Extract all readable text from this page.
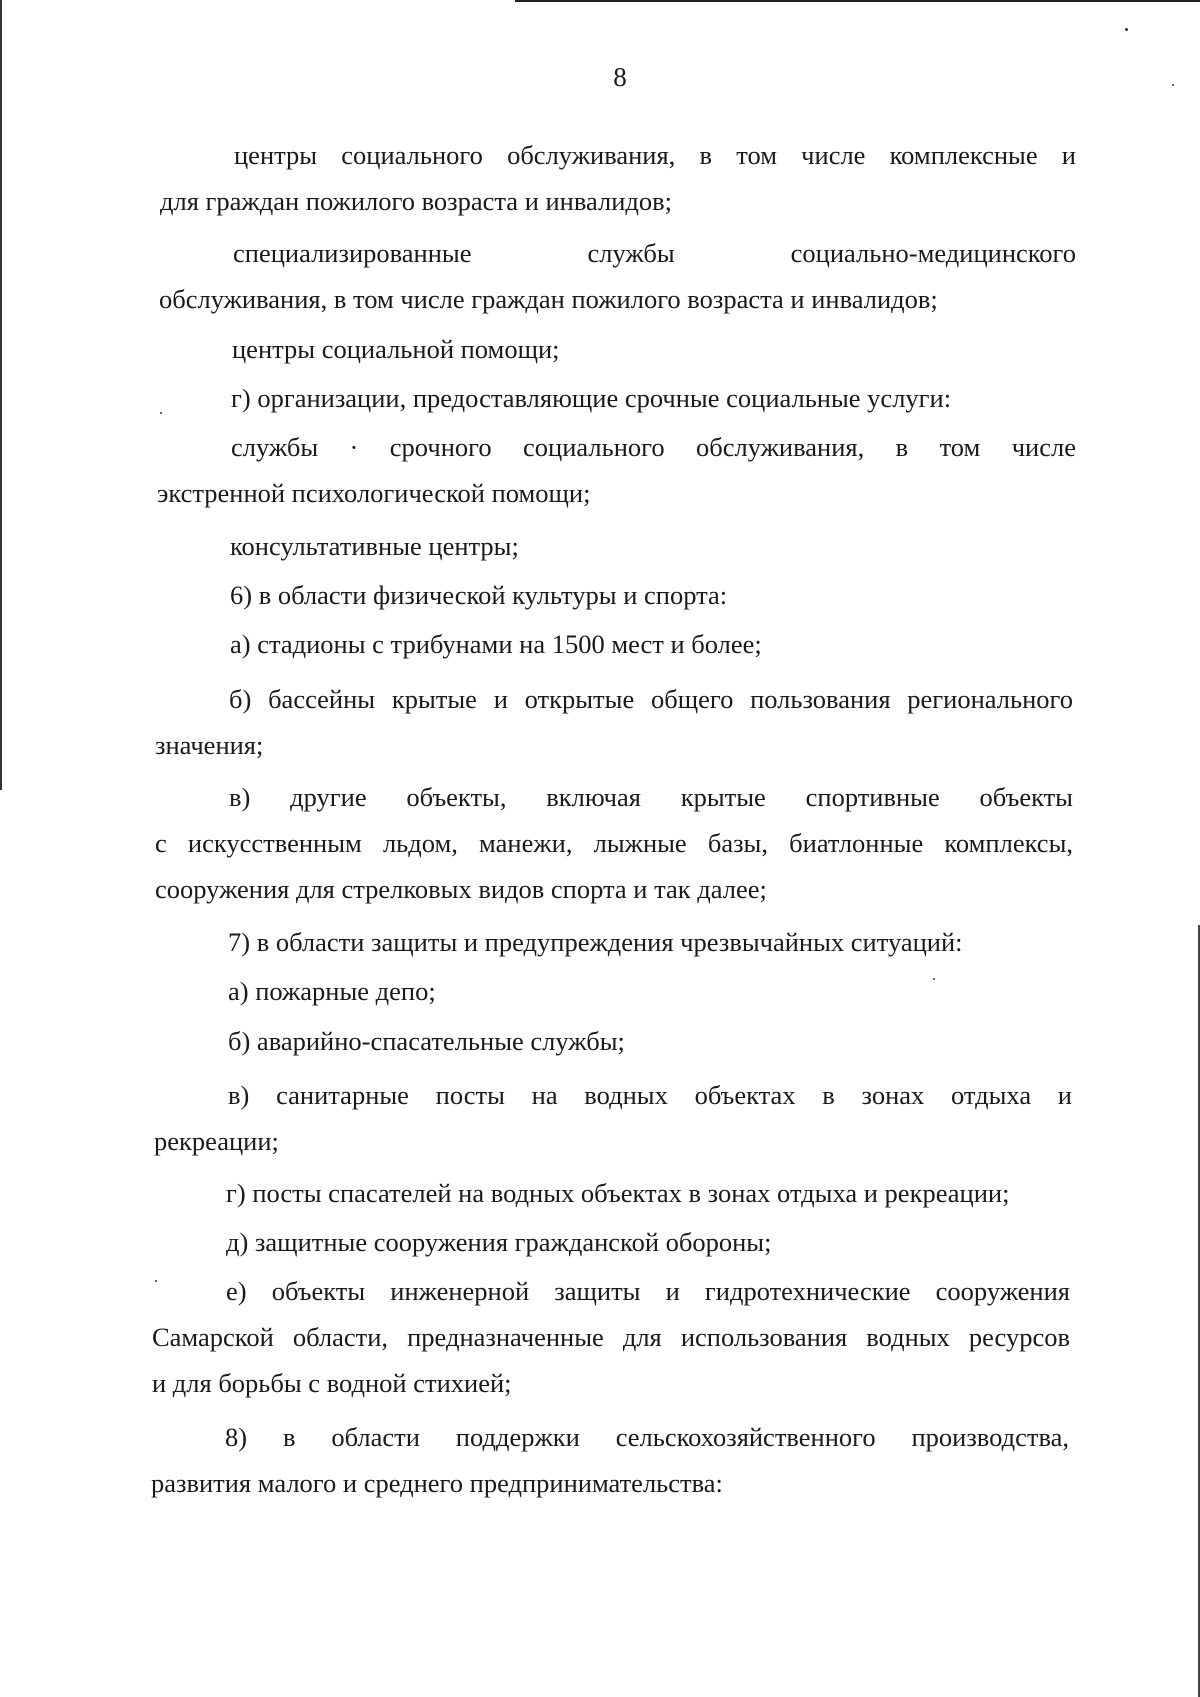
8

центры социального обслуживания, в том числе комплексные и
для граждан пожилого возраста и инвалидов;

специализированные службы социально-медицинского
обслуживания, в том числе граждан пожилого возраста и инвалидов;

центры социальной помощи;

г) организации, предоставляющие срочные социальные услуги:

службы · срочного социального обслуживания, в том числе
экстренной психологической помощи;

консультативные центры;

6) в области физической культуры и спорта:

а) стадионы с трибунами на 1500 мест и более;

б) бассейны крытые и открытые общего пользования регионального
значения;

в) другие объекты, включая крытые спортивные объекты
с искусственным льдом, манежи, лыжные базы, биатлонные комплексы,
сооружения для стрелковых видов спорта и так далее;

7) в области защиты и предупреждения чрезвычайных ситуаций:

а) пожарные депо;

б) аварийно-спасательные службы;

в) санитарные посты на водных объектах в зонах отдыха и
рекреации;

г) посты спасателей на водных объектах в зонах отдыха и рекреации;

д) защитные сооружения гражданской обороны;

е) объекты инженерной защиты и гидротехнические сооружения
Самарской области, предназначенные для использования водных ресурсов
и для борьбы с водной стихией;

8) в области поддержки сельскохозяйственного производства,
развития малого и среднего предпринимательства:
